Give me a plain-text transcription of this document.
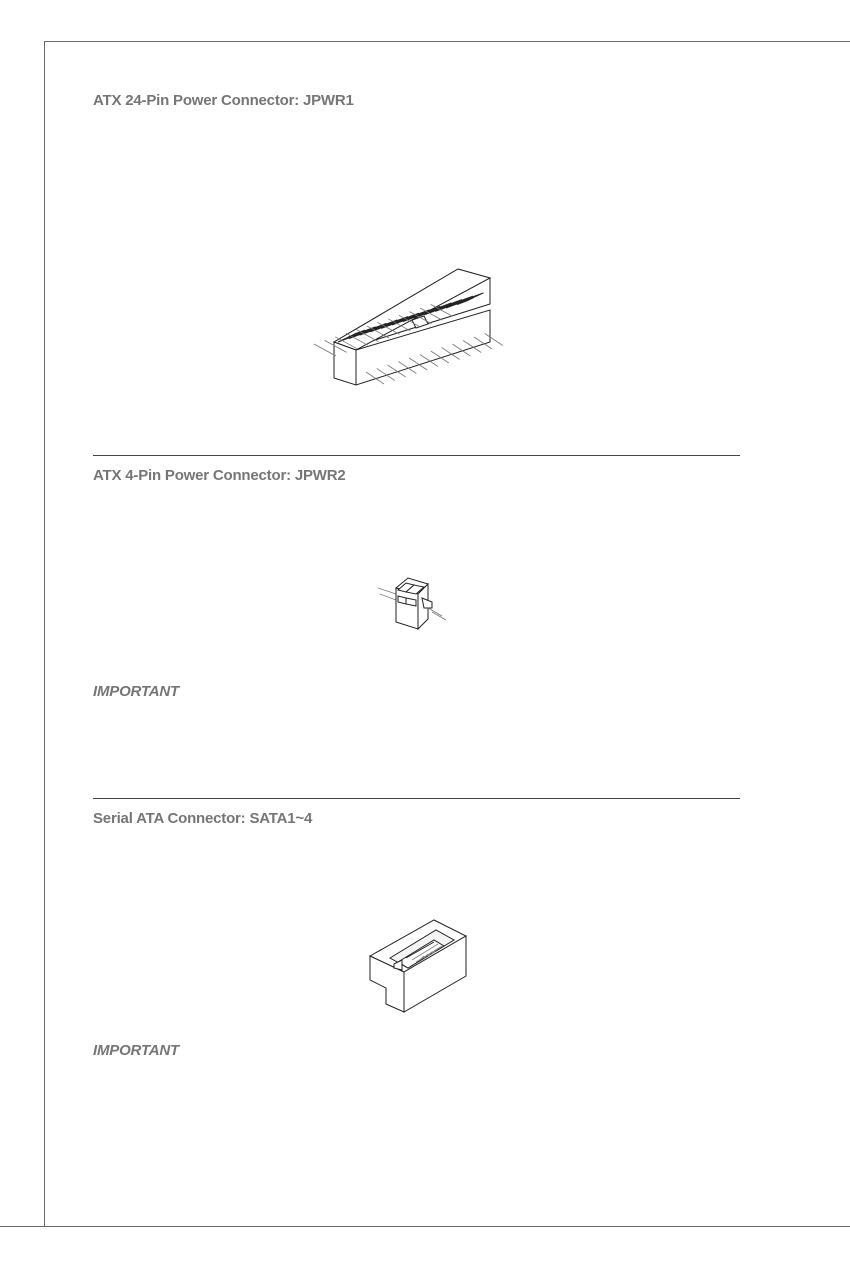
ATX 24-Pin Power Connector: JPWR1
ATX 4-Pin Power Connector: JPWR2
IMPORTANT
Serial ATA Connector: SATA1~4
IMPORTANT
